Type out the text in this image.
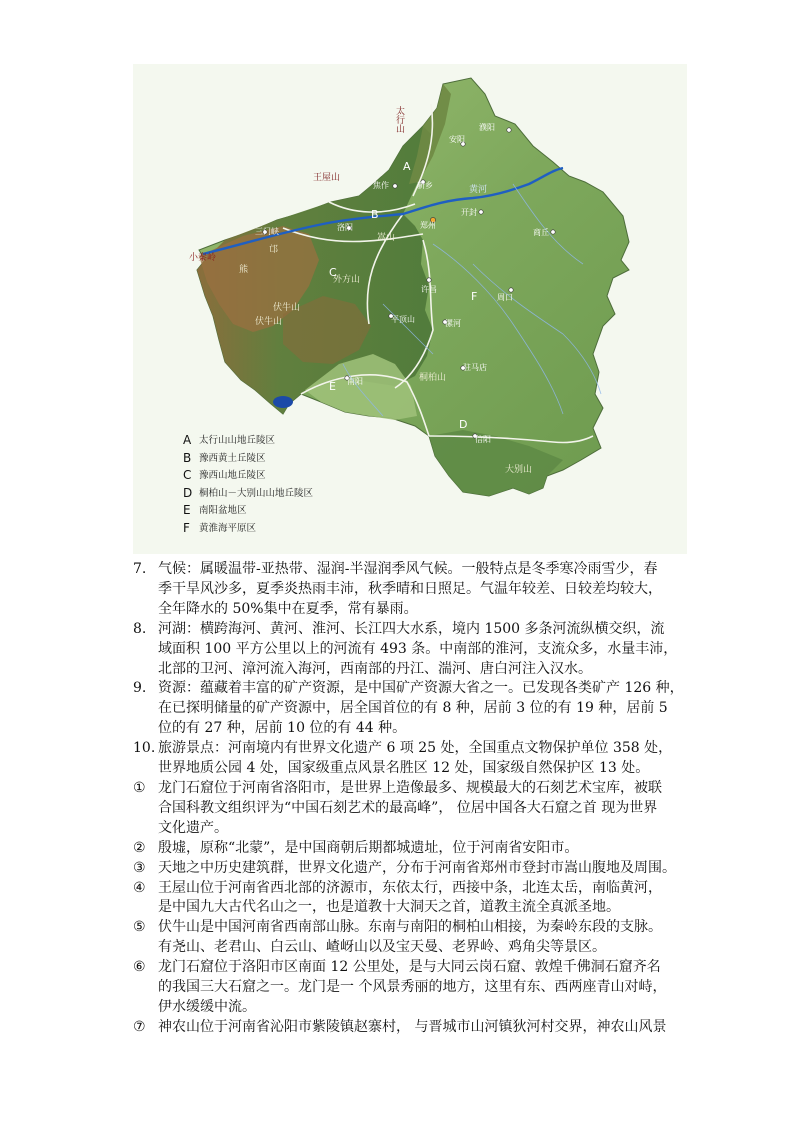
濮阳
安阳
新乡
焦作
开封
商丘
郑州
洛阳
三门峡
许昌
平顶山	漯河
周口
驻马店
南阳
信阳
王屋山
小秦岭
太行山
熊
邙
嵩山
外方山
伏牛山
伏牛山
桐柏山
大别山
黄河
A
B
C
D
E
F
A 太行山山地丘陵区
B 豫西黄土丘陵区
C 豫西山地丘陵区
D 桐柏山－大别山山地丘陵区
E 南阳盆地区
F 黄淮海平原区
7. 气候：属暖温带-亚热带、湿润-半湿润季风气候。一般特点是冬季寒冷雨雪少，春
季干旱风沙多，夏季炎热雨丰沛，秋季晴和日照足。气温年较差、日较差均较大，
全年降水的 50%集中在夏季，常有暴雨。
8. 河湖：横跨海河、黄河、淮河、长江四大水系，境内 1500 多条河流纵横交织，流
域面积 100 平方公里以上的河流有 493 条。中南部的淮河，支流众多，水量丰沛，
北部的卫河、漳河流入海河，西南部的丹江、湍河、唐白河注入汉水。
9. 资源：蕴藏着丰富的矿产资源，是中国矿产资源大省之一。已发现各类矿产 126 种，
在已探明储量的矿产资源中，居全国首位的有 8 种，居前 3 位的有 19 种，居前 5
位的有 27 种，居前 10 位的有 44 种。
10. 旅游景点：河南境内有世界文化遗产 6 项 25 处，全国重点文物保护单位 358 处，
世界地质公园 4 处，国家级重点风景名胜区 12 处，国家级自然保护区 13 处。
① 龙门石窟位于河南省洛阳市，是世界上造像最多、规模最大的石刻艺术宝库，被联
合国科教文组织评为“中国石刻艺术的最高峰”， 位居中国各大石窟之首 现为世界
文化遗产。
② 殷墟，原称“北蒙”，是中国商朝后期都城遗址，位于河南省安阳市。
③ 天地之中历史建筑群，世界文化遗产，分布于河南省郑州市登封市嵩山腹地及周围。
④ 王屋山位于河南省西北部的济源市，东依太行，西接中条，北连太岳，南临黄河，
是中国九大古代名山之一，也是道教十大洞天之首，道教主流全真派圣地。
⑤ 伏牛山是中国河南省西南部山脉。东南与南阳的桐柏山相接，为秦岭东段的支脉。
有尧山、老君山、白云山、嵖岈山以及宝天曼、老界岭、鸡角尖等景区。
⑥ 龙门石窟位于洛阳市区南面 12 公里处，是与大同云岗石窟、敦煌千佛洞石窟齐名
的我国三大石窟之一。龙门是一 个风景秀丽的地方，这里有东、西两座青山对峙，
伊水缓缓中流。
⑦ 神农山位于河南省沁阳市紫陵镇赵寨村， 与晋城市山河镇狄河村交界，神农山风景
